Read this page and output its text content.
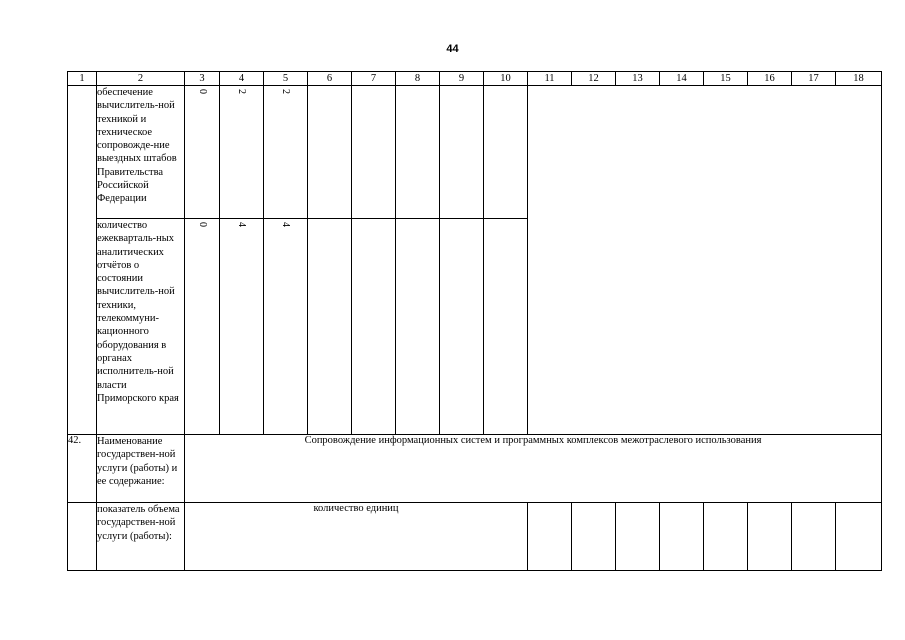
44
1	2	3	4	5	6	7	8	9	10	11	12	13	14	15	16	17	18
	обеспечение вычислитель-ной техникой и техническое сопровожде-ние выездных штабов Правительства Российской Федерации	0	2	2													
	количество ежекварталь-ных аналитических отчётов о состоянии вычислитель-ной техники, телекоммуни-кационного оборудования в органах исполнитель-ной власти Приморского края	0	4	4													
42.	Наименование государствен-ной услуги (работы) и ее содержание:	Сопровождение информационных систем и программных комплексов межотраслевого использования															
	показатель объема государствен-ной услуги (работы):	количество единиц															
